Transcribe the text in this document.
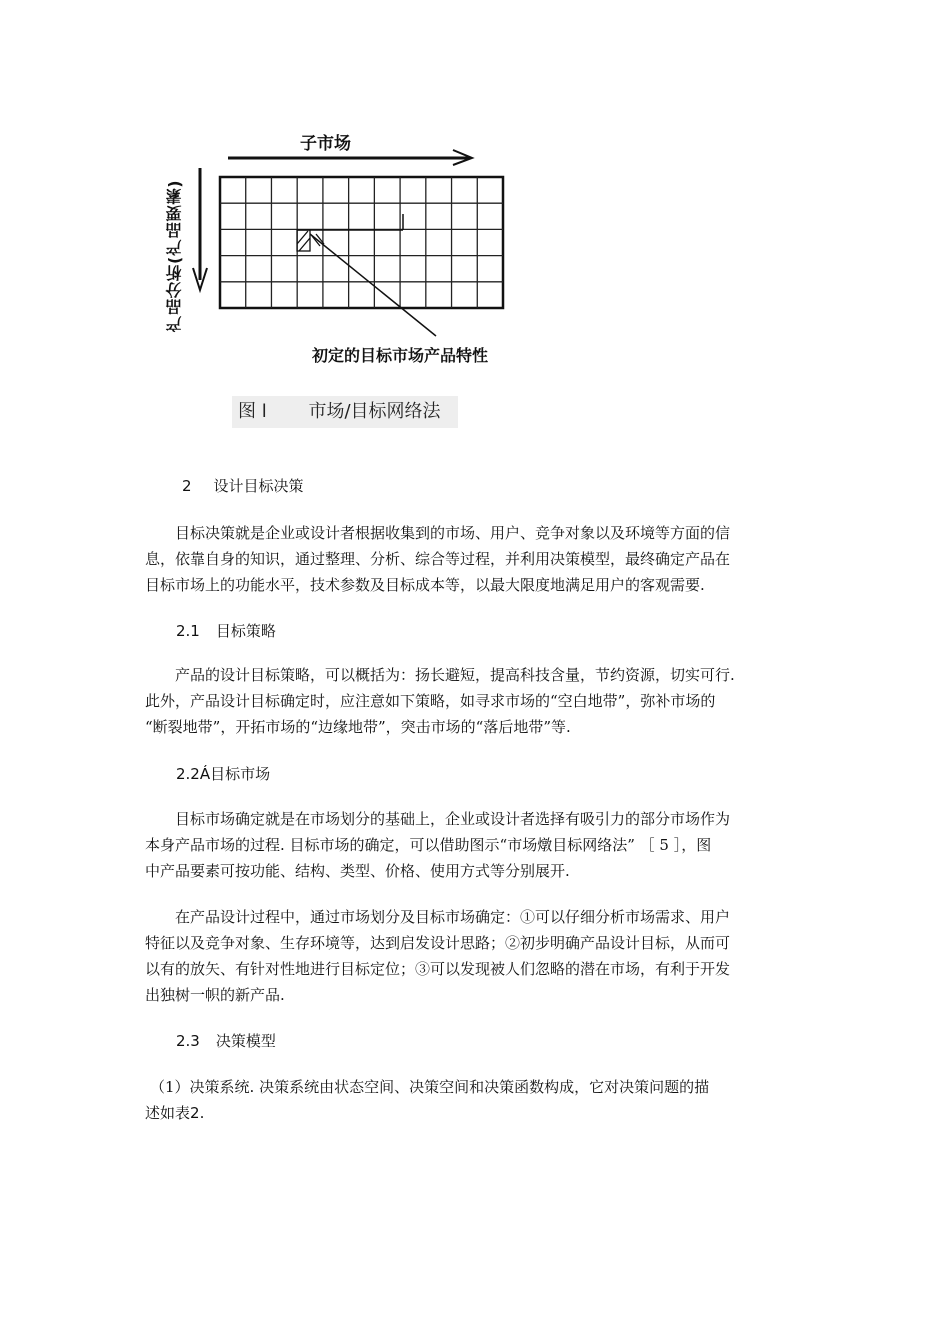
子市场
产品分析(产品要素)
初定的目标市场产品特性
图 l 市场/目标网络法
2 设计目标决策
目标决策就是企业或设计者根据收集到的市场、用户、竞争对象以及环境等方面的信
息，依靠自身的知识，通过整理、分析、综合等过程，并利用决策模型，最终确定产品在
目标市场上的功能水平，技术参数及目标成本等，以最大限度地满足用户的客观需要.
2.1 目标策略
产品的设计目标策略，可以概括为：扬长避短，提高科技含量，节约资源，切实可行.
此外，产品设计目标确定时，应注意如下策略，如寻求市场的“空白地带”，弥补市场的
“断裂地带”，开拓市场的“边缘地带”，突击市场的“落后地带”等.
2.2Á目标市场
目标市场确定就是在市场划分的基础上，企业或设计者选择有吸引力的部分市场作为
本身产品市场的过程. 目标市场的确定，可以借助图示“市场燉目标网络法” ［ 5 ］，图
中产品要素可按功能、结构、类型、价格、使用方式等分别展开.
在产品设计过程中，通过市场划分及目标市场确定：①可以仔细分析市场需求、用户
特征以及竞争对象、生存环境等，达到启发设计思路；②初步明确产品设计目标，从而可
以有的放矢、有针对性地进行目标定位；③可以发现被人们忽略的潜在市场，有利于开发
出独树一帜的新产品.
2.3 决策模型
（1）决策系统. 决策系统由状态空间、决策空间和决策函数构成，它对决策问题的描
述如表2.
